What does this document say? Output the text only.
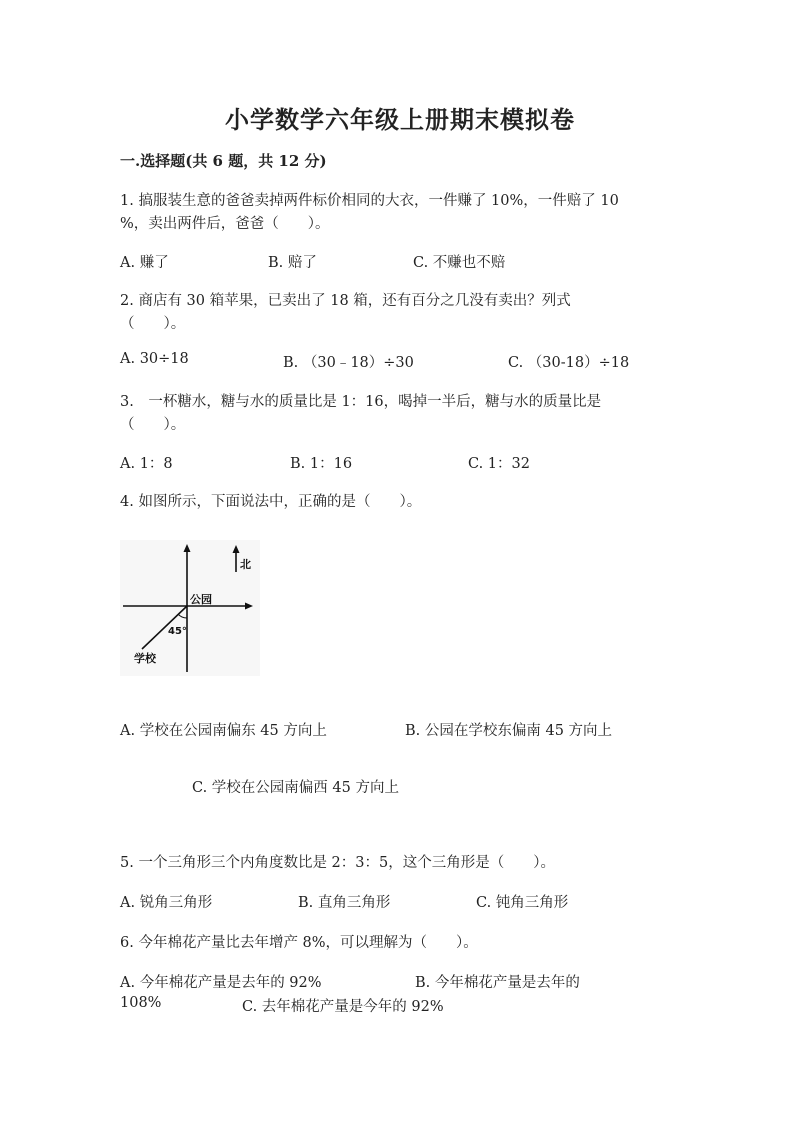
小学数学六年级上册期末模拟卷
一.选择题(共 6 题，共 12 分)
1. 搞服装生意的爸爸卖掉两件标价相同的大衣，一件赚了 10%，一件赔了 10
%，卖出两件后，爸爸（　　）。
A. 赚了	B. 赔了	C. 不赚也不赔
2. 商店有 30 箱苹果，已卖出了 18 箱，还有百分之几没有卖出？列式
（　　）。
A. 30÷18	B. （30﹣18）÷30	C. （30-18）÷18
3.　一杯糖水，糖与水的质量比是 1：16，喝掉一半后，糖与水的质量比是
（　　）。
A. 1：8	B. 1：16	C. 1：32
4. 如图所示，下面说法中，正确的是（　　）。
北
公园
45°
学校
A. 学校在公园南偏东 45 方向上	B. 公园在学校东偏南 45 方向上
C. 学校在公园南偏西 45 方向上
5. 一个三角形三个内角度数比是 2：3：5，这个三角形是（　　）。
A. 锐角三角形	B. 直角三角形	C. 钝角三角形
6. 今年棉花产量比去年增产 8%，可以理解为（　　）。
A. 今年棉花产量是去年的 92%	B. 今年棉花产量是去年的
108%	C. 去年棉花产量是今年的 92%
